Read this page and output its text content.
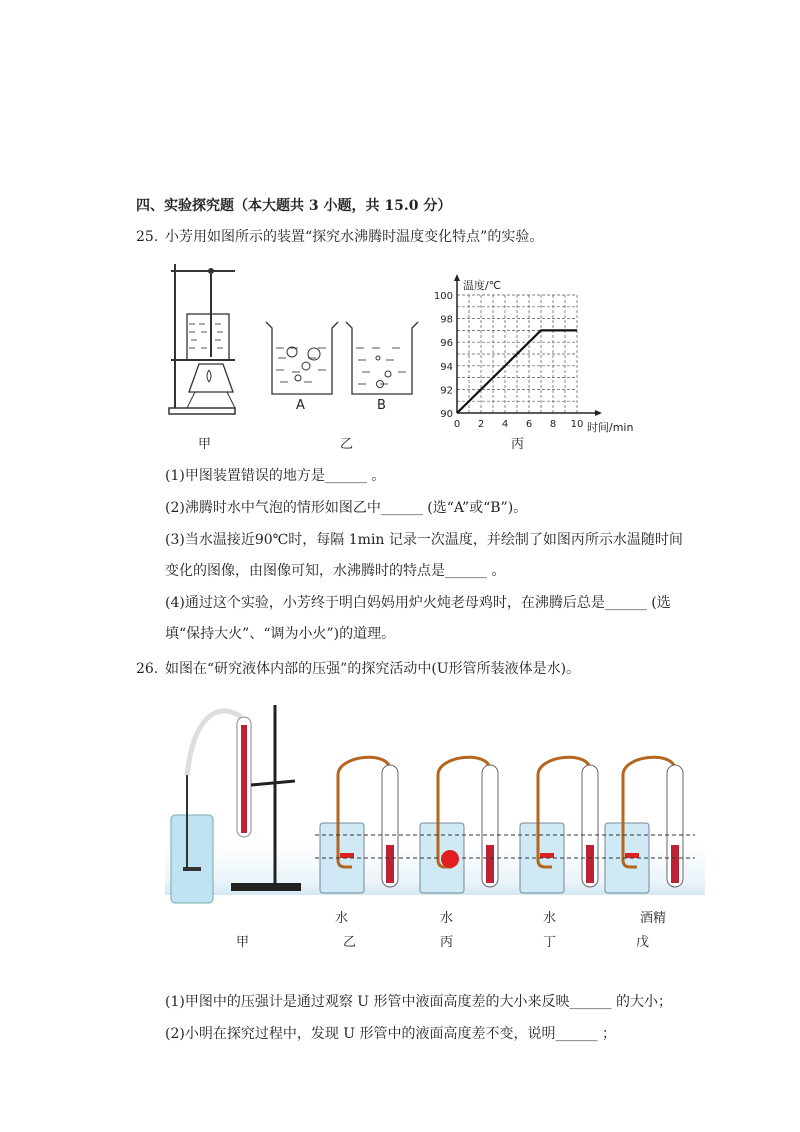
四、实验探究题（本大题共 3 小题，共 15.0 分）
25. 小芳用如图所示的装置“探究水沸腾时温度变化特点”的实验。
甲
A	B
乙
0 2 4 6 8 10
90
92
94
96
98
100
温度/℃
时间/min
丙
(1)甲图装置错误的地方是______ 。
(2)沸腾时水中气泡的情形如图乙中______ (选“A”或“B”)。
(3)当水温接近90℃时，每隔 1min 记录一次温度，并绘制了如图丙所示水温随时间
变化的图像，由图像可知，水沸腾时的特点是______ 。
(4)通过这个实验，小芳终于明白妈妈用炉火炖老母鸡时，在沸腾后总是______ (选
填“保持大火”、“调为小火”)的道理。
26. 如图在“研究液体内部的压强”的探究活动中(U形管所装液体是水)。
水	水	水	酒精
甲	乙	丙	丁	戊
(1)甲图中的压强计是通过观察 U 形管中液面高度差的大小来反映______ 的大小；
(2)小明在探究过程中，发现 U 形管中的液面高度差不变，说明______ ；
